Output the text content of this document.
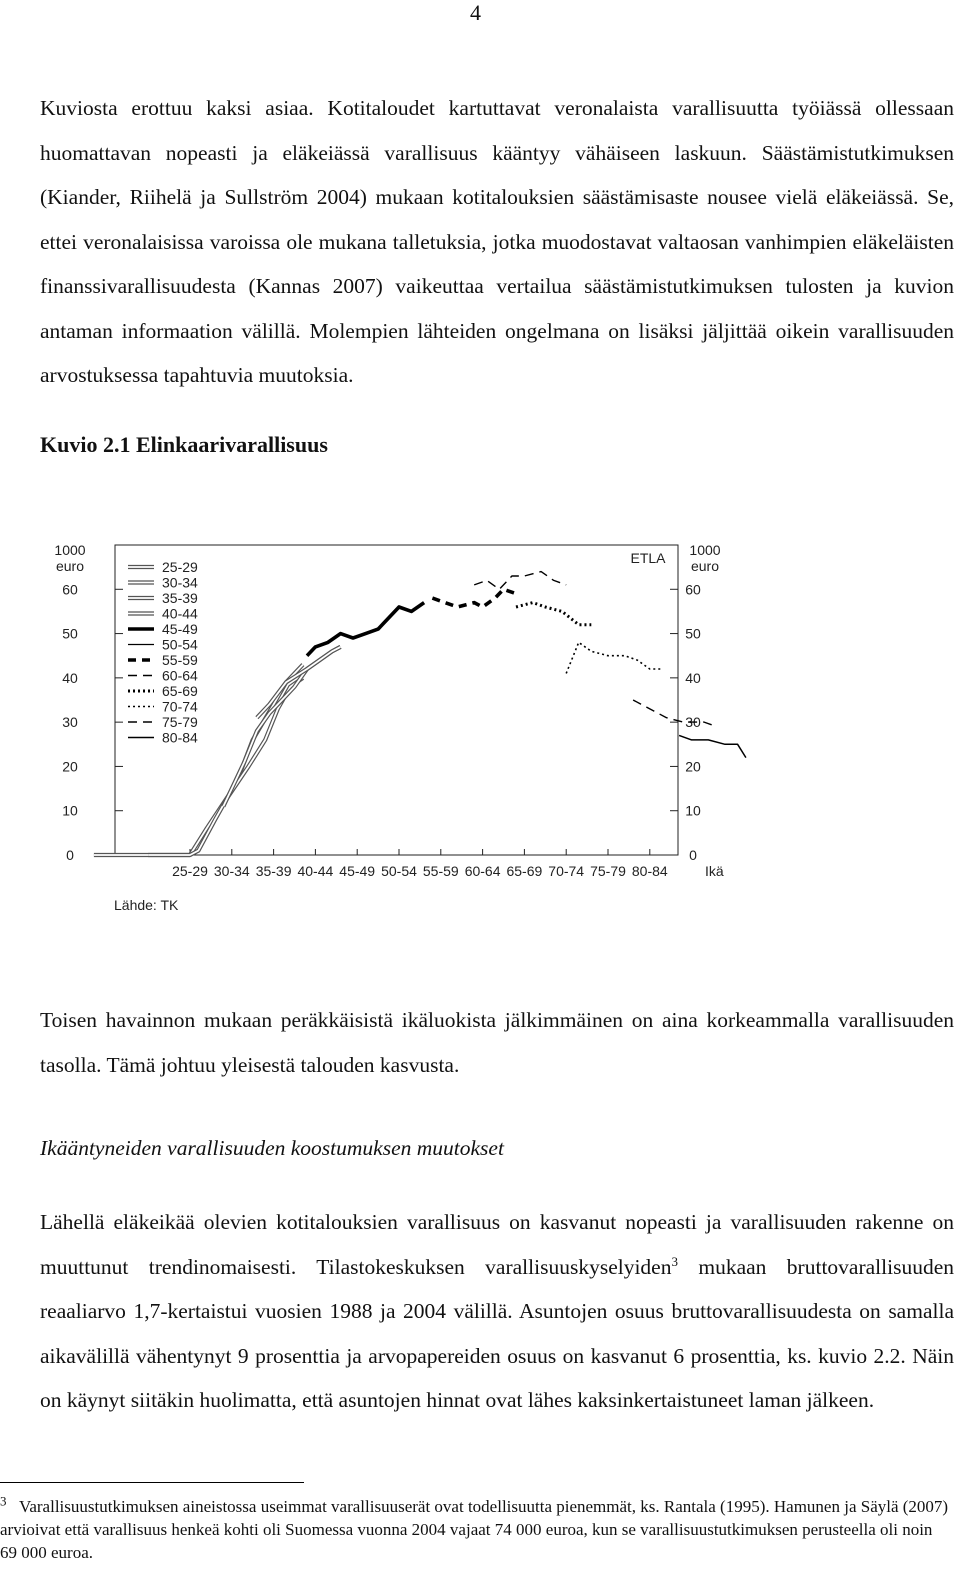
4

Kuviosta erottuu kaksi asiaa. Kotitaloudet kartuttavat veronalaista varallisuutta työiässä ollessaan huomattavan nopeasti ja eläkeiässä varallisuus kääntyy vähäiseen laskuun. Säästämistutkimuksen (Kiander, Riihelä ja Sullström 2004) mukaan kotitalouksien säästämisaste nousee vielä eläkeiässä. Se, ettei veronalaisissa varoissa ole mukana talletuksia, jotka muodostavat valtaosan vanhimpien eläkeläisten finanssivarallisuudesta (Kannas 2007) vaikeuttaa vertailua säästämistutkimuksen tulosten ja kuvion antaman informaation välillä. Molempien lähteiden ongelmana on lisäksi jäljittää oikein varallisuuden arvostuksessa tapahtuvia muutoksia.

Kuvio 2.1 Elinkaarivarallisuus

0	0
10	10
20	20
30	30
40	40
50	50
60	60
25-29 30-34 35-39 40-44 45-49 50-54 55-59 60-64 65-69 70-74 75-79 80-84
25-29
30-34
35-39
40-44
45-49
50-54
55-59
60-64
65-69
70-74
75-79
80-84
1000 euro
1000 euro
ETLA
Ikä
Lähde: TK

Toisen havainnon mukaan peräkkäisistä ikäluokista jälkimmäinen on aina korkeammalla varallisuuden tasolla. Tämä johtuu yleisestä talouden kasvusta.

Ikääntyneiden varallisuuden koostumuksen muutokset

Lähellä eläkeikää olevien kotitalouksien varallisuus on kasvanut nopeasti ja varallisuuden rakenne on muuttunut trendinomaisesti. Tilastokeskuksen varallisuuskyselyiden$^3$ mukaan bruttovarallisuuden reaaliarvo 1,7-kertaistui vuosien 1988 ja 2004 välillä. Asuntojen osuus bruttovarallisuudesta on samalla aikavälillä vähentynyt 9 prosenttia ja arvopapereiden osuus on kasvanut 6 prosenttia, ks. kuvio 2.2. Näin on käynyt siitäkin huolimatta, että asuntojen hinnat ovat lähes kaksinkertaistuneet laman jälkeen.

$^3$ Varallisuustutkimuksen aineistossa useimmat varallisuuserät ovat todellisuutta pienemmät, ks. Rantala (1995). Hamunen ja Säylä (2007) arvioivat että varallisuus henkeä kohti oli Suomessa vuonna 2004 vajaat 74 000 euroa, kun se varallisuustutkimuksen perusteella oli noin 69 000 euroa.
